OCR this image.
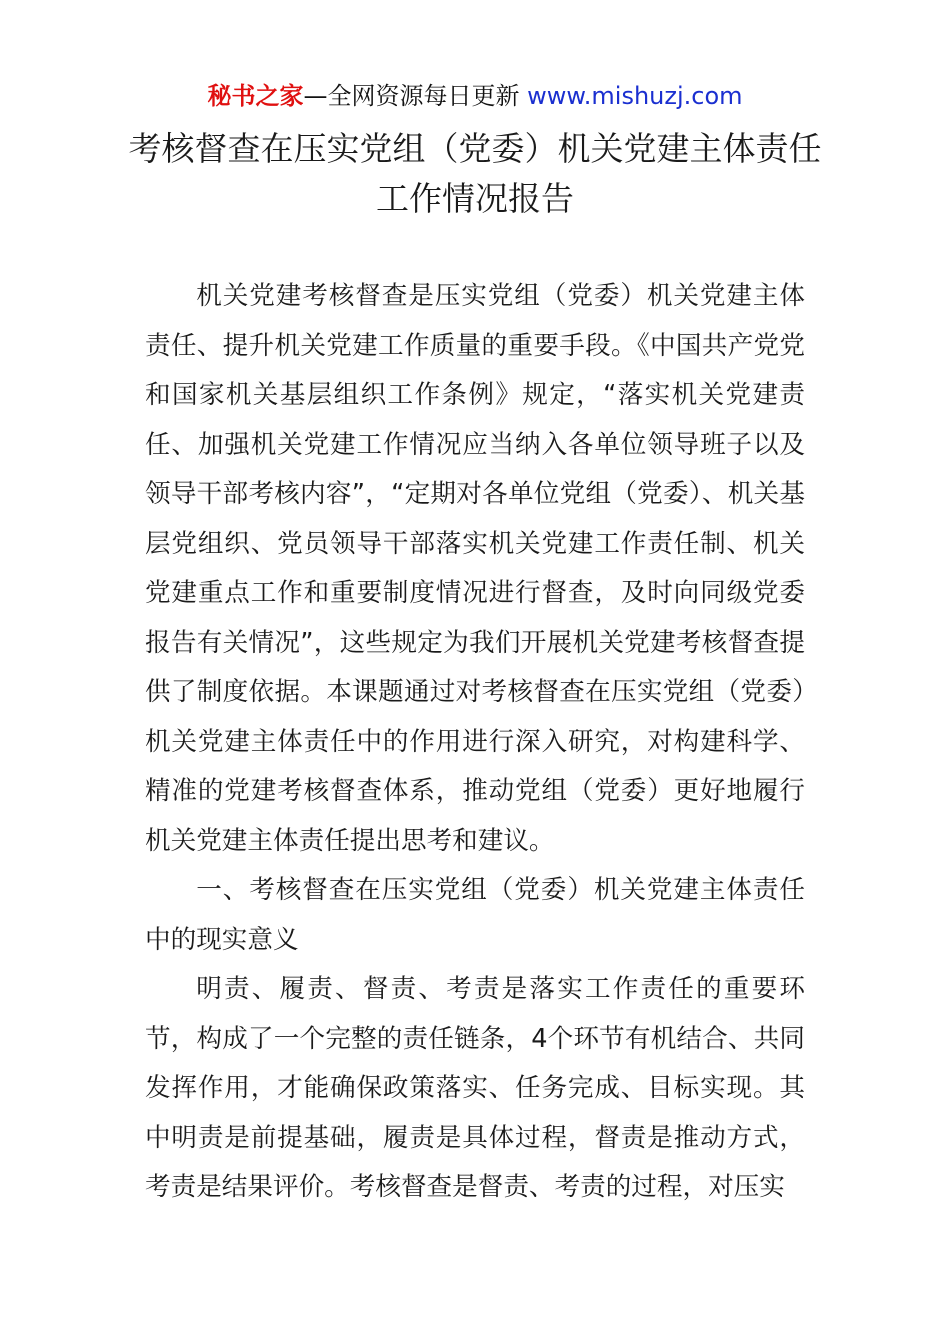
秘书之家—全网资源每日更新 www.mishuzj.com
考核督查在压实党组（党委）机关党建主体责任工作情况报告

机关党建考核督查是压实党组（党委）机关党建主体责任、提升机关党建工作质量的重要手段。《中国共产党党和国家机关基层组织工作条例》规定，“落实机关党建责任、加强机关党建工作情况应当纳入各单位领导班子以及领导干部考核内容”，“定期对各单位党组（党委）、机关基层党组织、党员领导干部落实机关党建工作责任制、机关党建重点工作和重要制度情况进行督查，及时向同级党委报告有关情况”，这些规定为我们开展机关党建考核督查提供了制度依据。本课题通过对考核督查在压实党组（党委）机关党建主体责任中的作用进行深入研究，对构建科学、精准的党建考核督查体系，推动党组（党委）更好地履行机关党建主体责任提出思考和建议。

一、考核督查在压实党组（党委）机关党建主体责任中的现实意义

明责、履责、督责、考责是落实工作责任的重要环节，构成了一个完整的责任链条，4个环节有机结合、共同发挥作用，才能确保政策落实、任务完成、目标实现。其中明责是前提基础，履责是具体过程，督责是推动方式，考责是结果评价。考核督查是督责、考责的过程，对压实
